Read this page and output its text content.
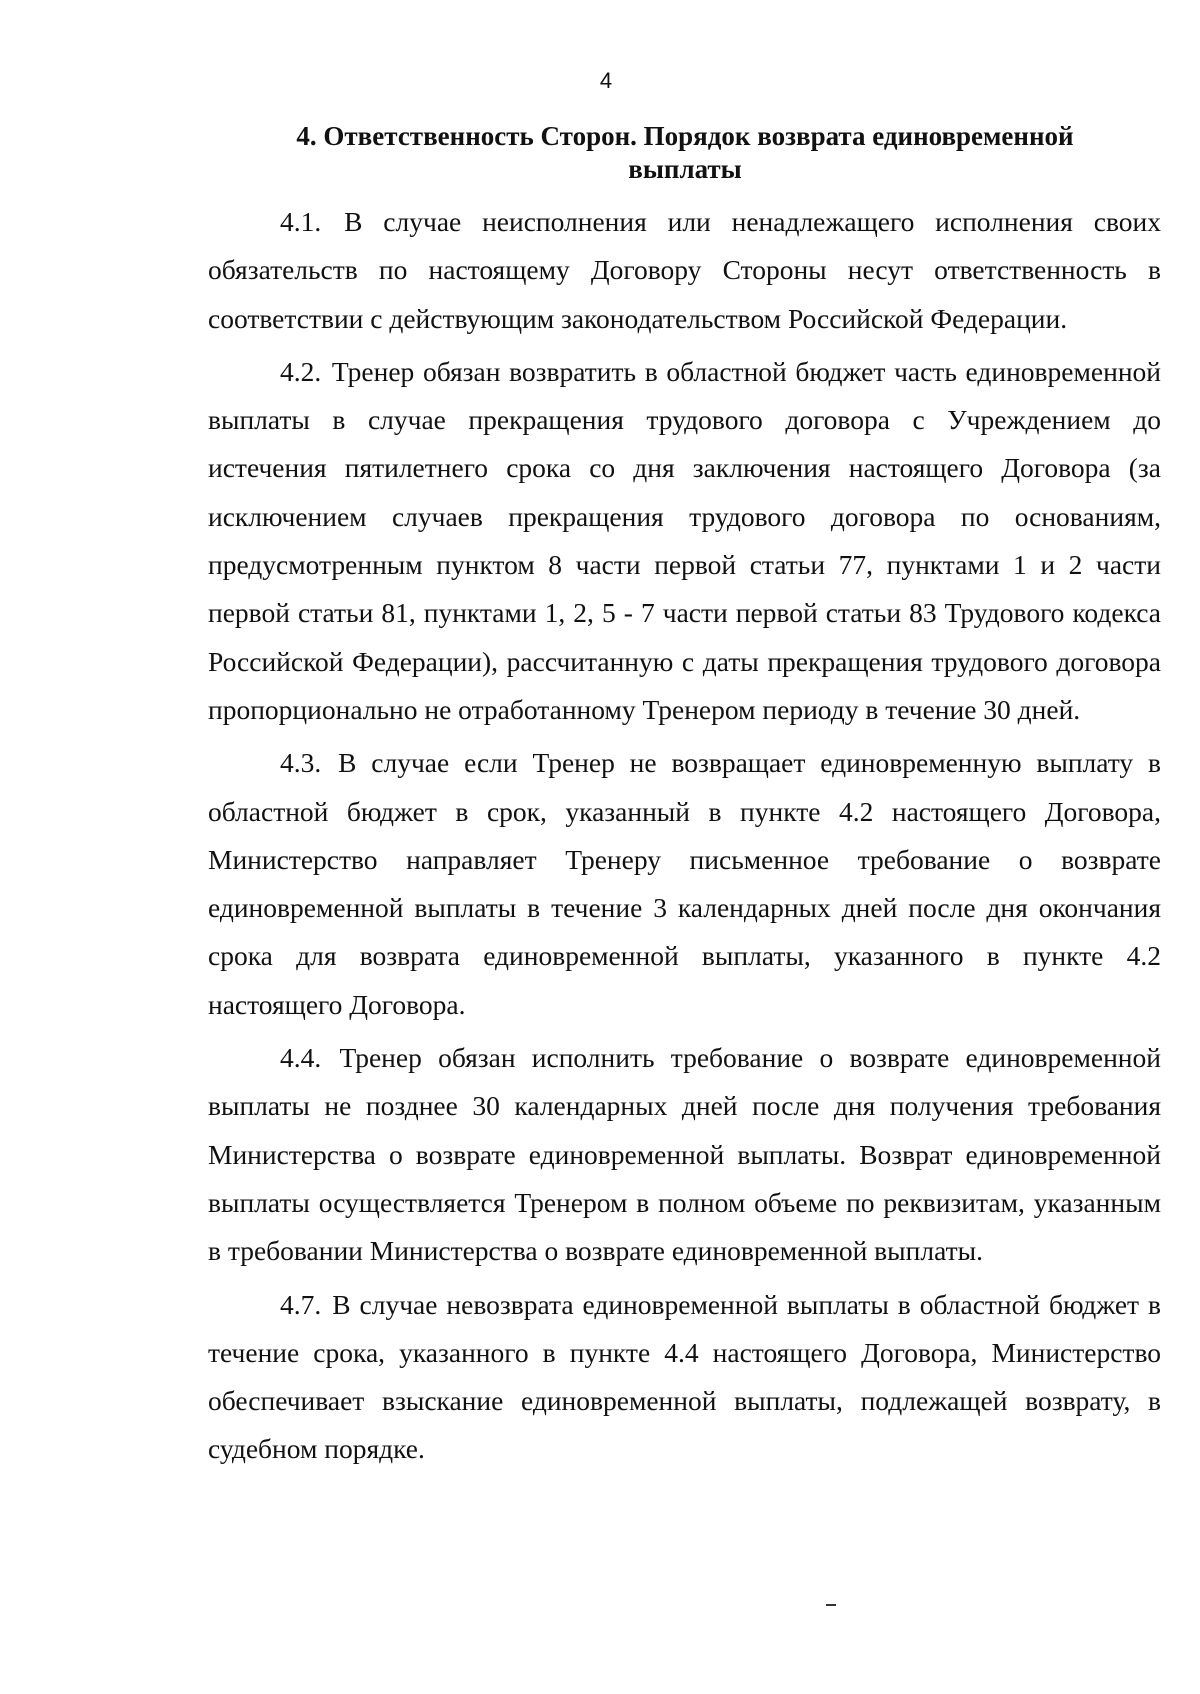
4
4. Ответственность Сторон. Порядок возврата единовременной выплаты

4.1. В случае неисполнения или ненадлежащего исполнения своих обязательств по настоящему Договору Стороны несут ответственность в соответствии с действующим законодательством Российской Федерации.

4.2. Тренер обязан возвратить в областной бюджет часть единовременной выплаты в случае прекращения трудового договора с Учреждением до истечения пятилетнего срока со дня заключения настоящего Договора (за исключением случаев прекращения трудового договора по основаниям, предусмотренным пунктом 8 части первой статьи 77, пунктами 1 и 2 части первой статьи 81, пунктами 1, 2, 5 - 7 части первой статьи 83 Трудового кодекса Российской Федерации), рассчитанную с даты прекращения трудового договора пропорционально не отработанному Тренером периоду в течение 30 дней.

4.3. В случае если Тренер не возвращает единовременную выплату в областной бюджет в срок, указанный в пункте 4.2 настоящего Договора, Министерство направляет Тренеру письменное требование о возврате единовременной выплаты в течение 3 календарных дней после дня окончания срока для возврата единовременной выплаты, указанного в пункте 4.2 настоящего Договора.

4.4. Тренер обязан исполнить требование о возврате единовременной выплаты не позднее 30 календарных дней после дня получения требования Министерства о возврате единовременной выплаты. Возврат единовременной выплаты осуществляется Тренером в полном объеме по реквизитам, указанным в требовании Министерства о возврате единовременной выплаты.

4.7. В случае невозврата единовременной выплаты в областной бюджет в течение срока, указанного в пункте 4.4 настоящего Договора, Министерство обеспечивает взыскание единовременной выплаты, подлежащей возврату, в судебном порядке.
